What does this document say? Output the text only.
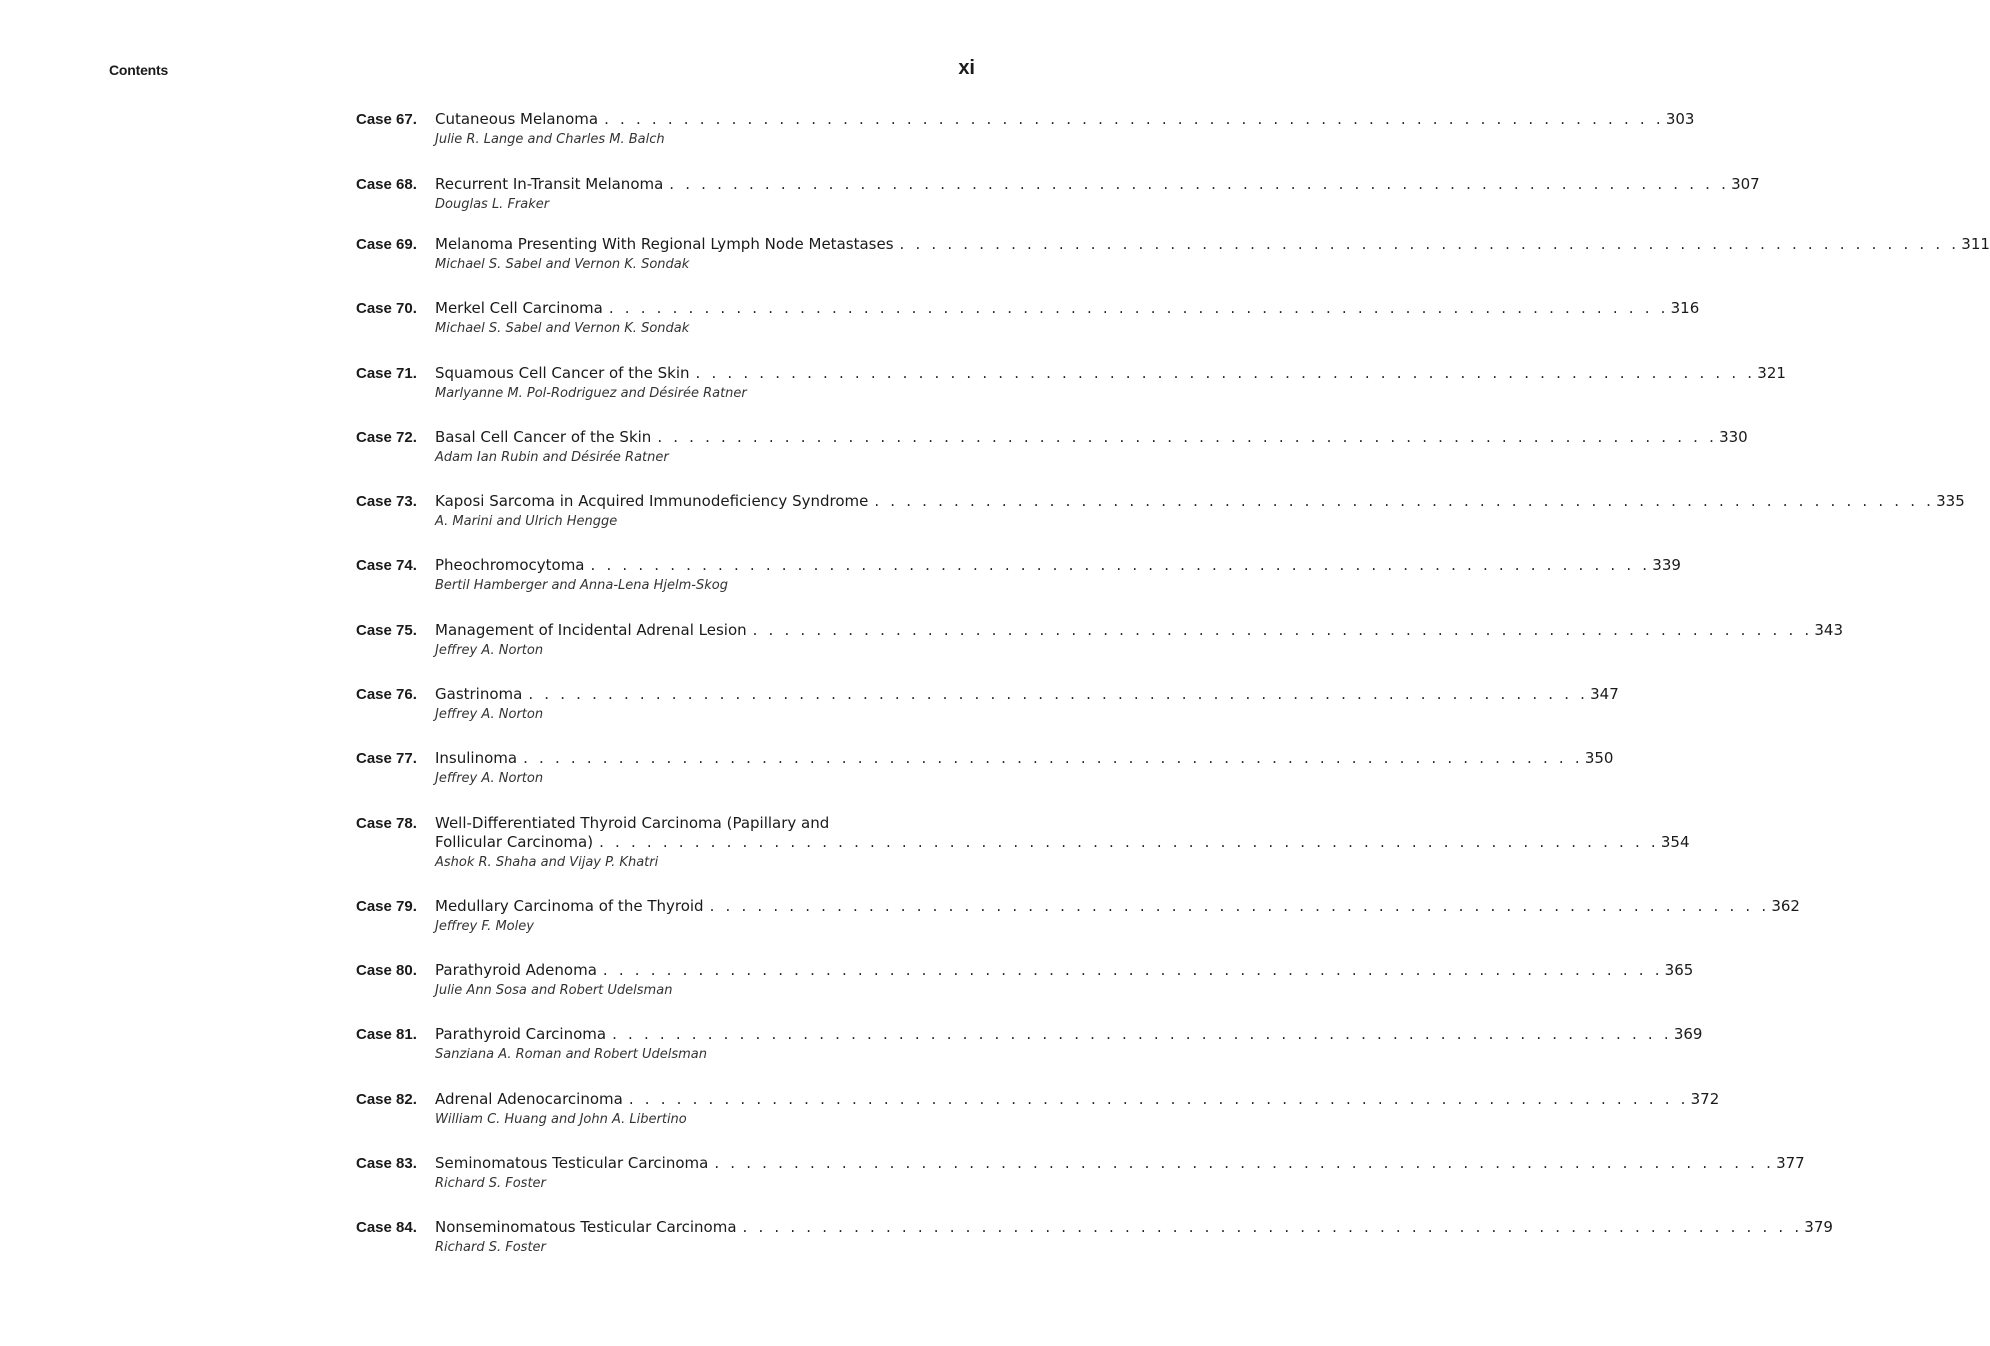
Contents	xi
Case 67.	Cutaneous Melanoma . . . . . . . . . . . . . . . . . . . . . . . . . . . . . . . . . . . . . . . . . . . . . . . . . . . . . . . . . . . . . . . . . . . 303
Julie R. Lange and Charles M. Balch
Case 68.	Recurrent In-Transit Melanoma . . . . . . . . . . . . . . . . . . . . . . . . . . . . . . . . . . . . . . . . . . . . . . . . . . . . . . . . . . . . . . . . . . . 307
Douglas L. Fraker
Case 69.	Melanoma Presenting With Regional Lymph Node Metastases . . . . . . . . . . . . . . . . . . . . . . . . . . . . . . . . . . . . . . . . . . . . . . . . . . . . . . . . . . . . . . . . . . . 311
Michael S. Sabel and Vernon K. Sondak
Case 70.	Merkel Cell Carcinoma . . . . . . . . . . . . . . . . . . . . . . . . . . . . . . . . . . . . . . . . . . . . . . . . . . . . . . . . . . . . . . . . . . . 316
Michael S. Sabel and Vernon K. Sondak
Case 71.	Squamous Cell Cancer of the Skin . . . . . . . . . . . . . . . . . . . . . . . . . . . . . . . . . . . . . . . . . . . . . . . . . . . . . . . . . . . . . . . . . . . 321
Marlyanne M. Pol-Rodriguez and Désirée Ratner
Case 72.	Basal Cell Cancer of the Skin . . . . . . . . . . . . . . . . . . . . . . . . . . . . . . . . . . . . . . . . . . . . . . . . . . . . . . . . . . . . . . . . . . . 330
Adam Ian Rubin and Désirée Ratner
Case 73.	Kaposi Sarcoma in Acquired Immunodeficiency Syndrome . . . . . . . . . . . . . . . . . . . . . . . . . . . . . . . . . . . . . . . . . . . . . . . . . . . . . . . . . . . . . . . . . . . 335
A. Marini and Ulrich Hengge
Case 74.	Pheochromocytoma . . . . . . . . . . . . . . . . . . . . . . . . . . . . . . . . . . . . . . . . . . . . . . . . . . . . . . . . . . . . . . . . . . . 339
Bertil Hamberger and Anna-Lena Hjelm-Skog
Case 75.	Management of Incidental Adrenal Lesion . . . . . . . . . . . . . . . . . . . . . . . . . . . . . . . . . . . . . . . . . . . . . . . . . . . . . . . . . . . . . . . . . . . 343
Jeffrey A. Norton
Case 76.	Gastrinoma . . . . . . . . . . . . . . . . . . . . . . . . . . . . . . . . . . . . . . . . . . . . . . . . . . . . . . . . . . . . . . . . . . . 347
Jeffrey A. Norton
Case 77.	Insulinoma . . . . . . . . . . . . . . . . . . . . . . . . . . . . . . . . . . . . . . . . . . . . . . . . . . . . . . . . . . . . . . . . . . . 350
Jeffrey A. Norton
Case 78.	Well-Differentiated Thyroid Carcinoma (Papillary and
Follicular Carcinoma) . . . . . . . . . . . . . . . . . . . . . . . . . . . . . . . . . . . . . . . . . . . . . . . . . . . . . . . . . . . . . . . . . . . 354
Ashok R. Shaha and Vijay P. Khatri
Case 79.	Medullary Carcinoma of the Thyroid . . . . . . . . . . . . . . . . . . . . . . . . . . . . . . . . . . . . . . . . . . . . . . . . . . . . . . . . . . . . . . . . . . . 362
Jeffrey F. Moley
Case 80.	Parathyroid Adenoma . . . . . . . . . . . . . . . . . . . . . . . . . . . . . . . . . . . . . . . . . . . . . . . . . . . . . . . . . . . . . . . . . . . 365
Julie Ann Sosa and Robert Udelsman
Case 81.	Parathyroid Carcinoma . . . . . . . . . . . . . . . . . . . . . . . . . . . . . . . . . . . . . . . . . . . . . . . . . . . . . . . . . . . . . . . . . . . 369
Sanziana A. Roman and Robert Udelsman
Case 82.	Adrenal Adenocarcinoma . . . . . . . . . . . . . . . . . . . . . . . . . . . . . . . . . . . . . . . . . . . . . . . . . . . . . . . . . . . . . . . . . . . 372
William C. Huang and John A. Libertino
Case 83.	Seminomatous Testicular Carcinoma . . . . . . . . . . . . . . . . . . . . . . . . . . . . . . . . . . . . . . . . . . . . . . . . . . . . . . . . . . . . . . . . . . . 377
Richard S. Foster
Case 84.	Nonseminomatous Testicular Carcinoma . . . . . . . . . . . . . . . . . . . . . . . . . . . . . . . . . . . . . . . . . . . . . . . . . . . . . . . . . . . . . . . . . . . 379
Richard S. Foster
